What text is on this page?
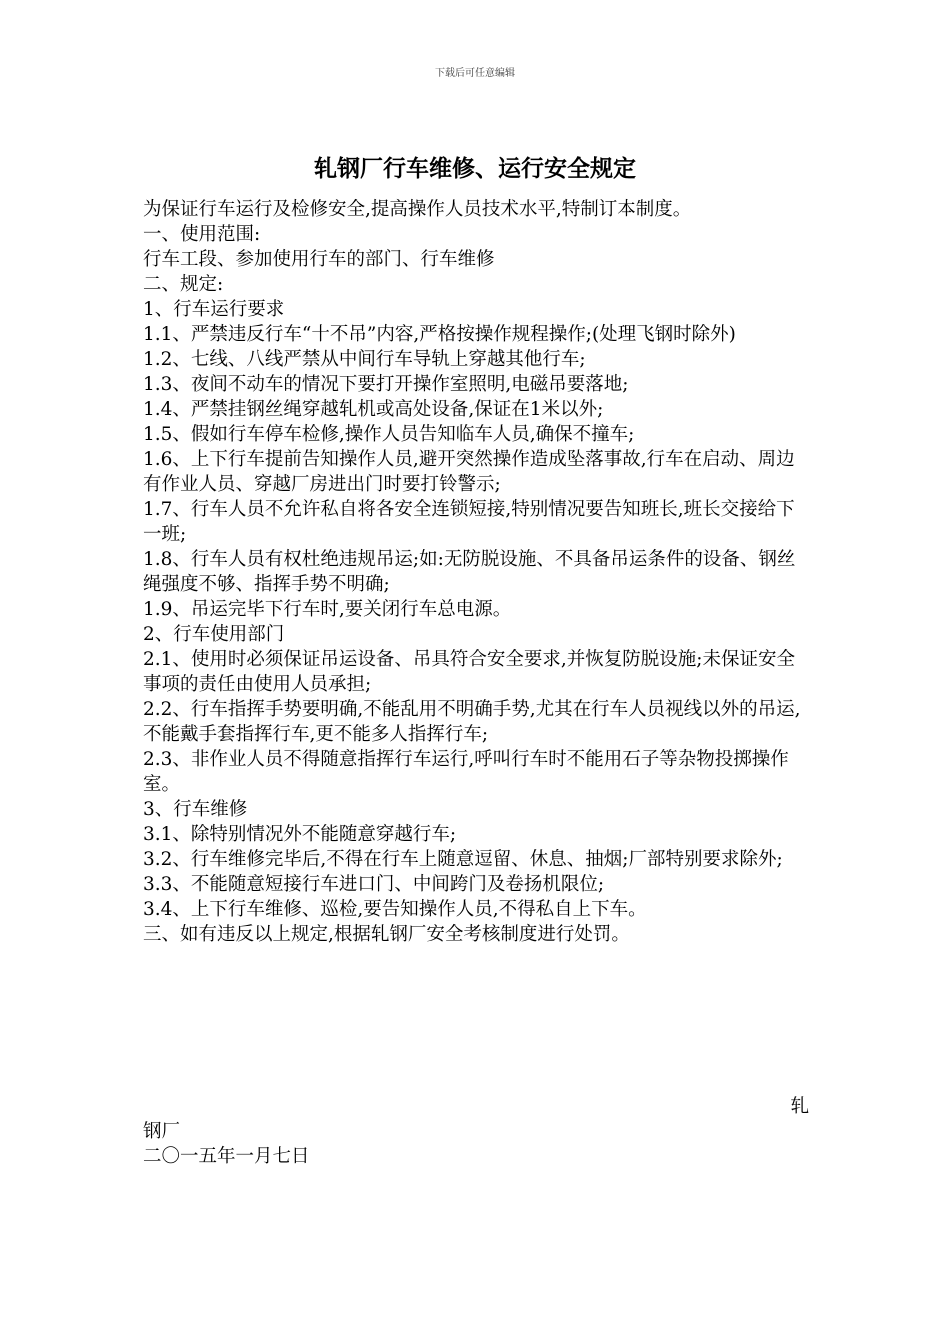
下载后可任意编辑
轧钢厂行车维修、运行安全规定

为保证行车运行及检修安全,提高操作人员技术水平,特制订本制度。

一、使用范围:

行车工段、参加使用行车的部门、行车维修

二、规定:

1、行车运行要求

1.1、严禁违反行车“十不吊”内容,严格按操作规程操作;(处理飞钢时除外)

1.2、七线、八线严禁从中间行车导轨上穿越其他行车;

1.3、夜间不动车的情况下要打开操作室照明,电磁吊要落地;

1.4、严禁挂钢丝绳穿越轧机或高处设备,保证在1米以外;

1.5、假如行车停车检修,操作人员告知临车人员,确保不撞车;

1.6、上下行车提前告知操作人员,避开突然操作造成坠落事故,行车在启动、周边有作业人员、穿越厂房进出门时要打铃警示;

1.7、行车人员不允许私自将各安全连锁短接,特别情况要告知班长,班长交接给下一班;

1.8、行车人员有权杜绝违规吊运;如:无防脱设施、不具备吊运条件的设备、钢丝绳强度不够、指挥手势不明确;

1.9、吊运完毕下行车时,要关闭行车总电源。

2、行车使用部门

2.1、使用时必须保证吊运设备、吊具符合安全要求,并恢复防脱设施;未保证安全事项的责任由使用人员承担;

2.2、行车指挥手势要明确,不能乱用不明确手势,尤其在行车人员视线以外的吊运,不能戴手套指挥行车,更不能多人指挥行车;

2.3、非作业人员不得随意指挥行车运行,呼叫行车时不能用石子等杂物投掷操作室。

3、行车维修

3.1、除特别情况外不能随意穿越行车;

3.2、行车维修完毕后,不得在行车上随意逗留、休息、抽烟;厂部特别要求除外;

3.3、不能随意短接行车进口门、中间跨门及卷扬机限位;

3.4、上下行车维修、巡检,要告知操作人员,不得私自上下车。

三、如有违反以上规定,根据轧钢厂安全考核制度进行处罚。

轧
钢厂
二〇一五年一月七日
